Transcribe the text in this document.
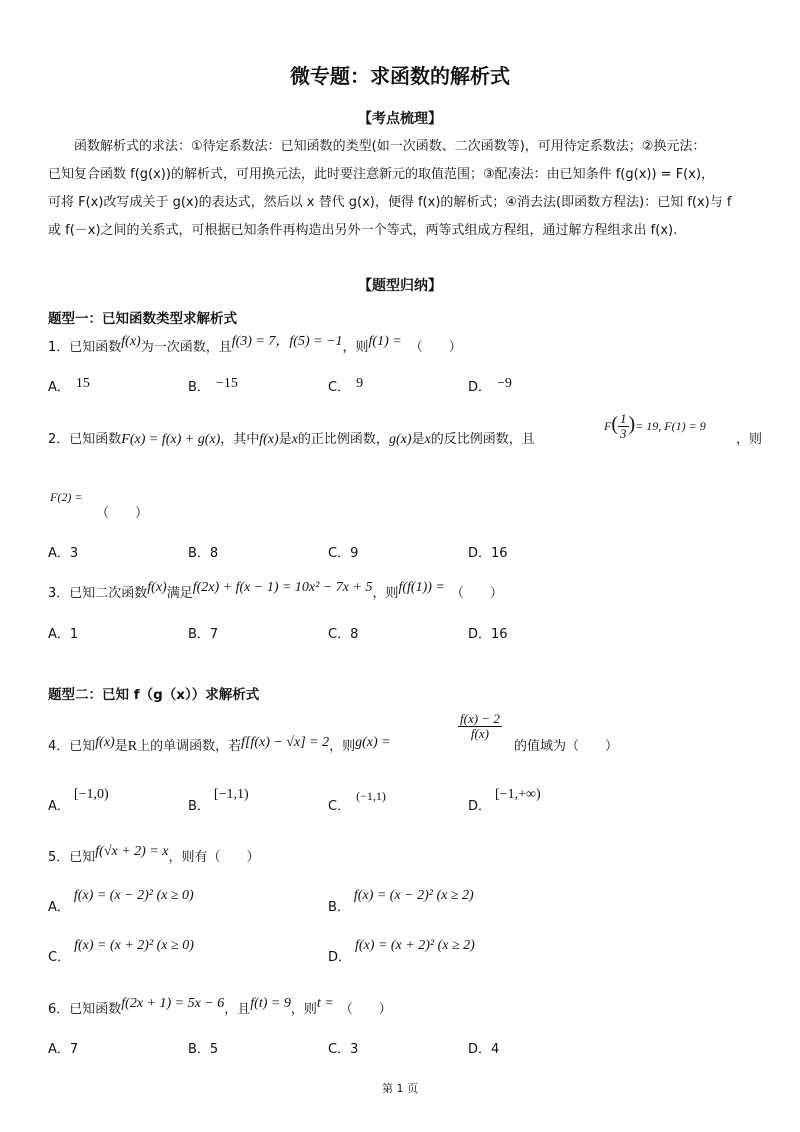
微专题：求函数的解析式
【考点梳理】
函数解析式的求法：①待定系数法：已知函数的类型(如一次函数、二次函数等)，可用待定系数法；②换元法：
已知复合函数 f(g(x))的解析式，可用换元法，此时要注意新元的取值范围；③配凑法：由已知条件 f(g(x)) = F(x)，
可将 F(x)改写成关于 g(x)的表达式，然后以 x 替代 g(x)，便得 f(x)的解析式；④消去法(即函数方程法)：已知 f(x)与 f
或 f(－x)之间的关系式，可根据已知条件再构造出另外一个等式，两等式组成方程组，通过解方程组求出 f(x).
【题型归纳】
题型一：已知函数类型求解析式
1．已知函数f(x)为一次函数，且f(3) = 7，f(5) = −1，则f(1) = （　　）
A． 15	B． −15	C． 9	D． −9
2．已知函数F(x) = f(x) + g(x)，其中f(x)是x的正比例函数，g(x)是x的反比例函数，且
$F( \frac{1}{3}$ )= 19, F(1) = 9
，则
F(2) =
（　　）
A．3	B．8	C．9	D．16
3．已知二次函数f(x)满足f(2x) + f(x − 1) = 10x² − 7x + 5，则f(f(1)) = （　　）
A．1	B．7	C．8	D．16
题型二：已知 f（g（x））求解析式
4．已知f(x)是R上的单调函数，若f[f(x) − √x] = 2，则g(x) =
$\frac{f(x) - 2}{f(x)}$
的值域为（　　）
A．[−1,0)
B．[−1,1)
C．(−1,1)
D．[−1,+∞)
5．已知f(√x + 2) = x，则有（　　）
A．f(x) = (x − 2)² (x ≥ 0)
B．f(x) = (x − 2)² (x ≥ 2)
C．f(x) = (x + 2)² (x ≥ 0)
D．f(x) = (x + 2)² (x ≥ 2)
6．已知函数f(2x + 1) = 5x − 6，且f(t) = 9，则t = （　　）
A．7	B．5	C．3	D．4
第 1 页
